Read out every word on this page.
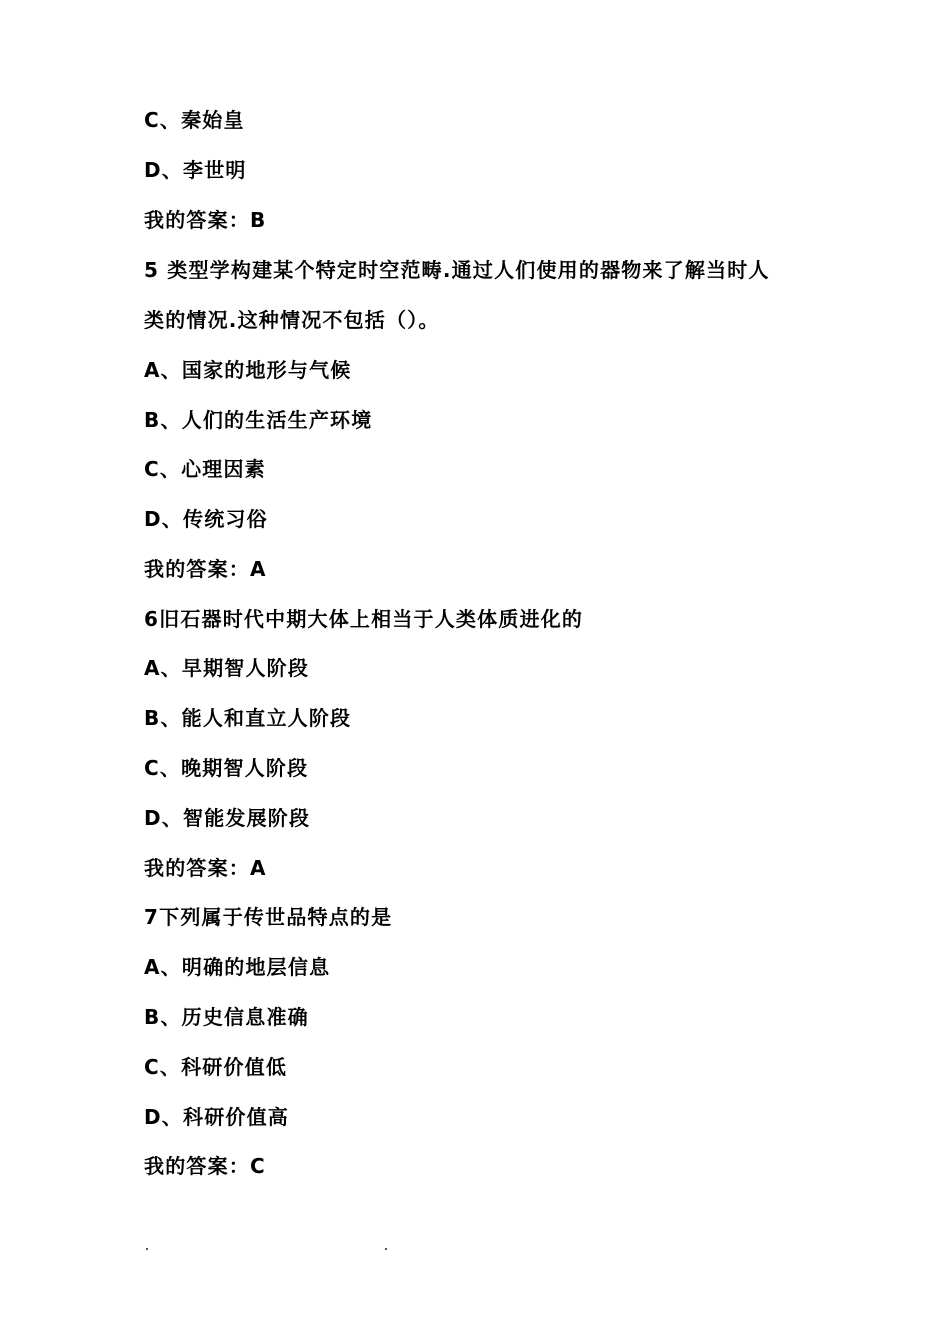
C、秦始皇
D、李世明
我的答案：B
5 类型学构建某个特定时空范畴.通过人们使用的器物来了解当时人
类的情况.这种情况不包括（）。
A、国家的地形与气候
B、人们的生活生产环境
C、心理因素
D、传统习俗
我的答案：A
6旧石器时代中期大体上相当于人类体质进化的
A、早期智人阶段
B、能人和直立人阶段
C、晚期智人阶段
D、智能发展阶段
我的答案：A
7下列属于传世品特点的是
A、明确的地层信息
B、历史信息准确
C、科研价值低
D、科研价值高
我的答案：C
